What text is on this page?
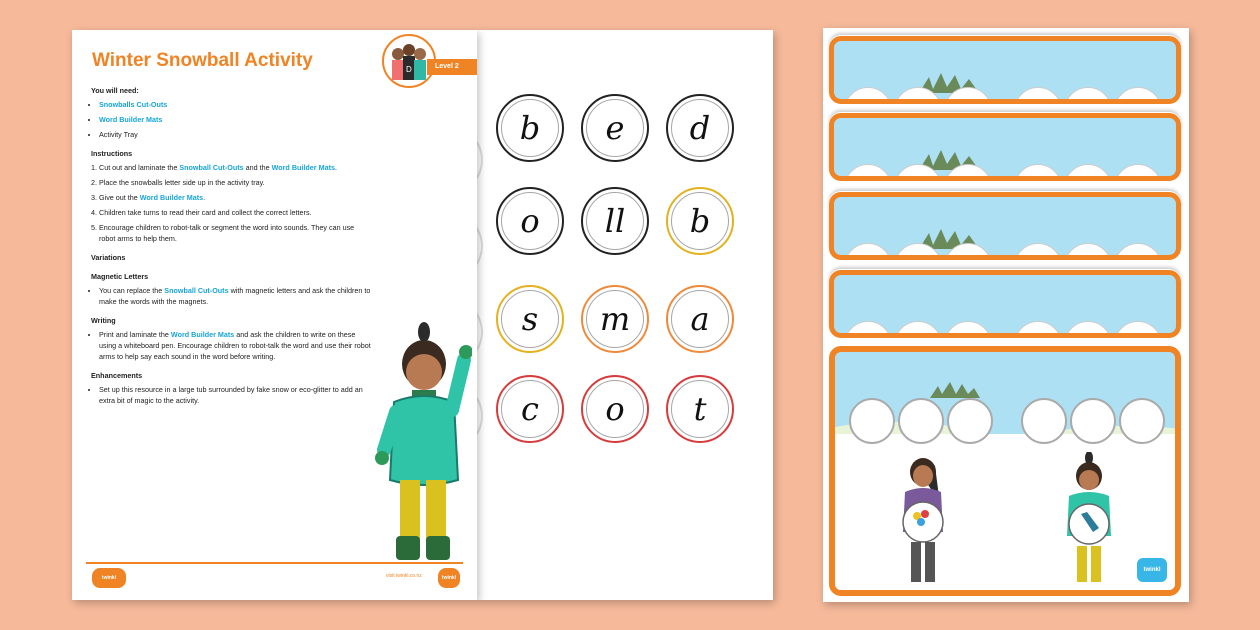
Winter Snowball Activity	D	Level 2
You will need:
• Snowballs Cut-Outs
• Word Builder Mats
• Activity Tray
Instructions
1. Cut out and laminate the Snowball Cut-Outs and the Word Builder Mats.
2. Place the snowballs letter side up in the activity tray.
3. Give out the Word Builder Mats.
4. Children take turns to read their card and collect the correct letters.
5. Encourage children to robot-talk or segment the word into sounds. They can use robot arms to help them.
Variations
Magnetic Letters
• You can replace the Snowball Cut-Outs with magnetic letters and ask the children to make the words with the magnets.
Writing
• Print and laminate the Word Builder Mats and ask the children to write on these using a whiteboard pen. Encourage children to robot-talk the word and use their robot arms to help say each sound in the word before writing.
Enhancements
• Set up this resource in a large tub surrounded by fake snow or eco-glitter to add an extra bit of magic to the activity.
twinkl phonics
visit twinkl.co.nz	twinkl
b	e	d
o	ll	b
s	m	a
c	o	t
twinkl
